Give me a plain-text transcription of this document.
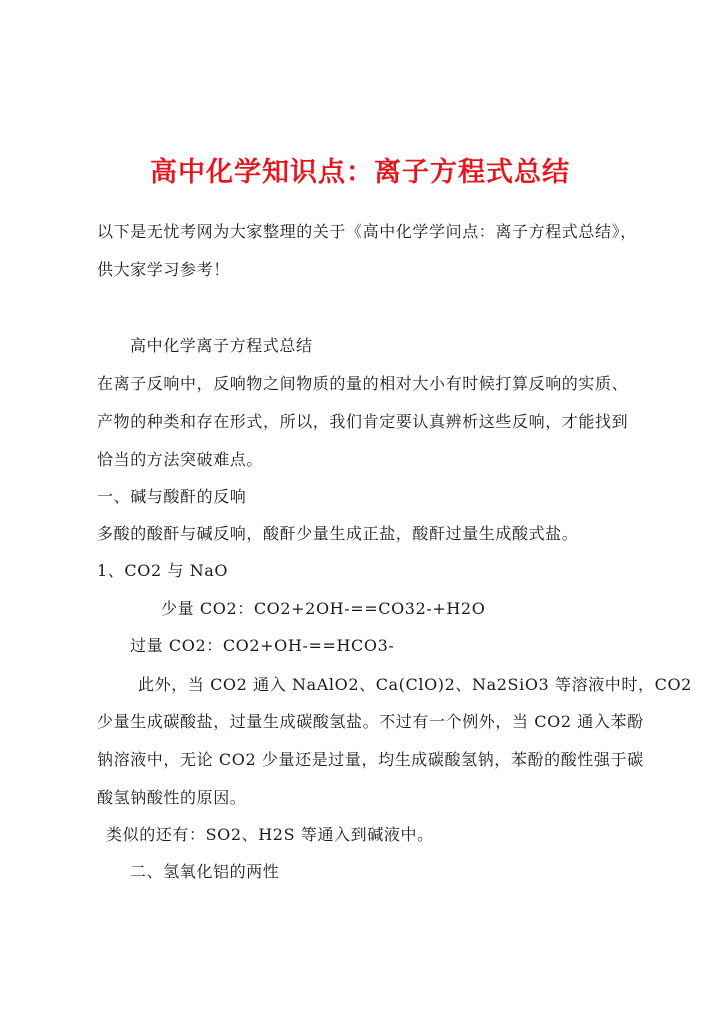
高中化学知识点：离子方程式总结
以下是无忧考网为大家整理的关于《高中化学学问点：离子方程式总结》，
供大家学习参考！
高中化学离子方程式总结
在离子反响中，反响物之间物质的量的相对大小有时候打算反响的实质、
产物的种类和存在形式，所以，我们肯定要认真辨析这些反响，才能找到
恰当的方法突破难点。
一、碱与酸酐的反响
多酸的酸酐与碱反响，酸酐少量生成正盐，酸酐过量生成酸式盐。
1、CO2 与 NaO
少量 CO2：CO2+2OH-==CO32-+H2O
过量 CO2：CO2+OH-==HCO3-
此外，当 CO2 通入 NaAlO2、Ca(ClO)2、Na2SiO3 等溶液中时，CO2
少量生成碳酸盐，过量生成碳酸氢盐。不过有一个例外，当 CO2 通入苯酚
钠溶液中，无论 CO2 少量还是过量，均生成碳酸氢钠，苯酚的酸性强于碳
酸氢钠酸性的原因。
类似的还有：SO2、H2S 等通入到碱液中。
二、氢氧化铝的两性
